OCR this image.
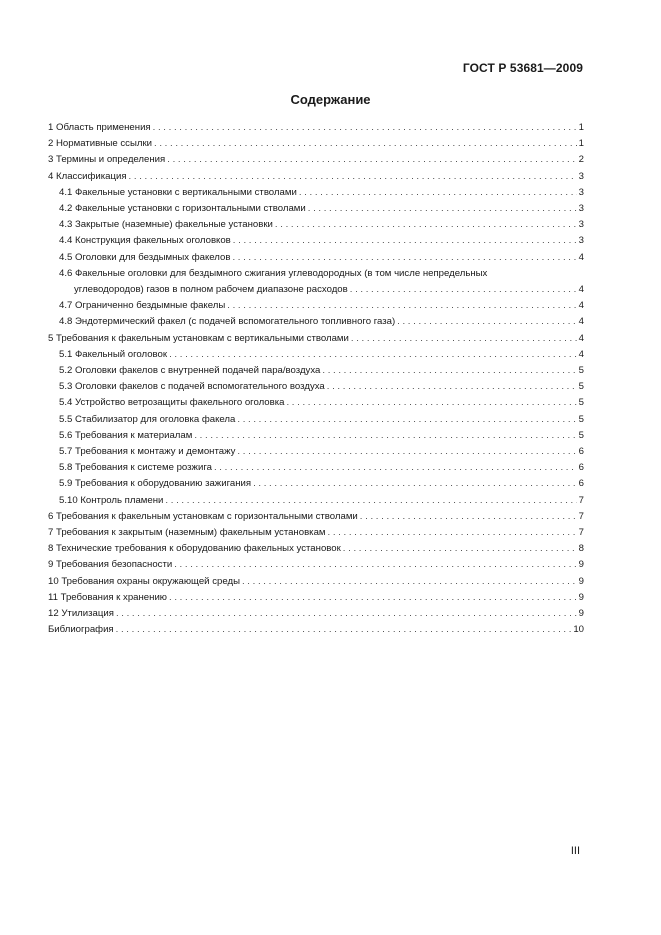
ГОСТ Р 53681—2009
Содержание
1 Область применения . . .	1
2 Нормативные ссылки . . .	1
3 Термины и определения . . .	2
4 Классификация . . .	3
4.1 Факельные установки с вертикальными стволами . . .	3
4.2 Факельные установки с горизонтальными стволами . . .	3
4.3 Закрытые (наземные) факельные установки . . .	3
4.4 Конструкция факельных оголовков . . .	3
4.5 Оголовки для бездымных факелов . . .	4
4.6 Факельные оголовки для бездымного сжигания углеводородных (в том числе непредельных
углеводородов) газов в полном рабочем диапазоне расходов . . .	4
4.7 Ограниченно бездымные факелы . . .	4
4.8 Эндотермический факел (с подачей вспомогательного топливного газа) . . .	4
5 Требования к факельным установкам с вертикальными стволами . . .	4
5.1 Факельный оголовок . . .	4
5.2 Оголовки факелов с внутренней подачей пара/воздуха . . .	5
5.3 Оголовки факелов с подачей вспомогательного воздуха . . .	5
5.4 Устройство ветрозащиты факельного оголовка . . .	5
5.5 Стабилизатор для оголовка факела . . .	5
5.6 Требования к материалам . . .	5
5.7 Требования к монтажу и демонтажу . . .	6
5.8 Требования к системе розжига . . .	6
5.9 Требования к оборудованию зажигания . . .	6
5.10 Контроль пламени . . .	7
6 Требования к факельным установкам с горизонтальными стволами . . .	7
7 Требования к закрытым (наземным) факельным установкам . . .	7
8 Технические требования к оборудованию факельных установок . . .	8
9 Требования безопасности . . .	9
10 Требования охраны окружающей среды . . .	9
11 Требования к хранению . . .	9
12 Утилизация . . .	9
Библиография . . .	10
III
